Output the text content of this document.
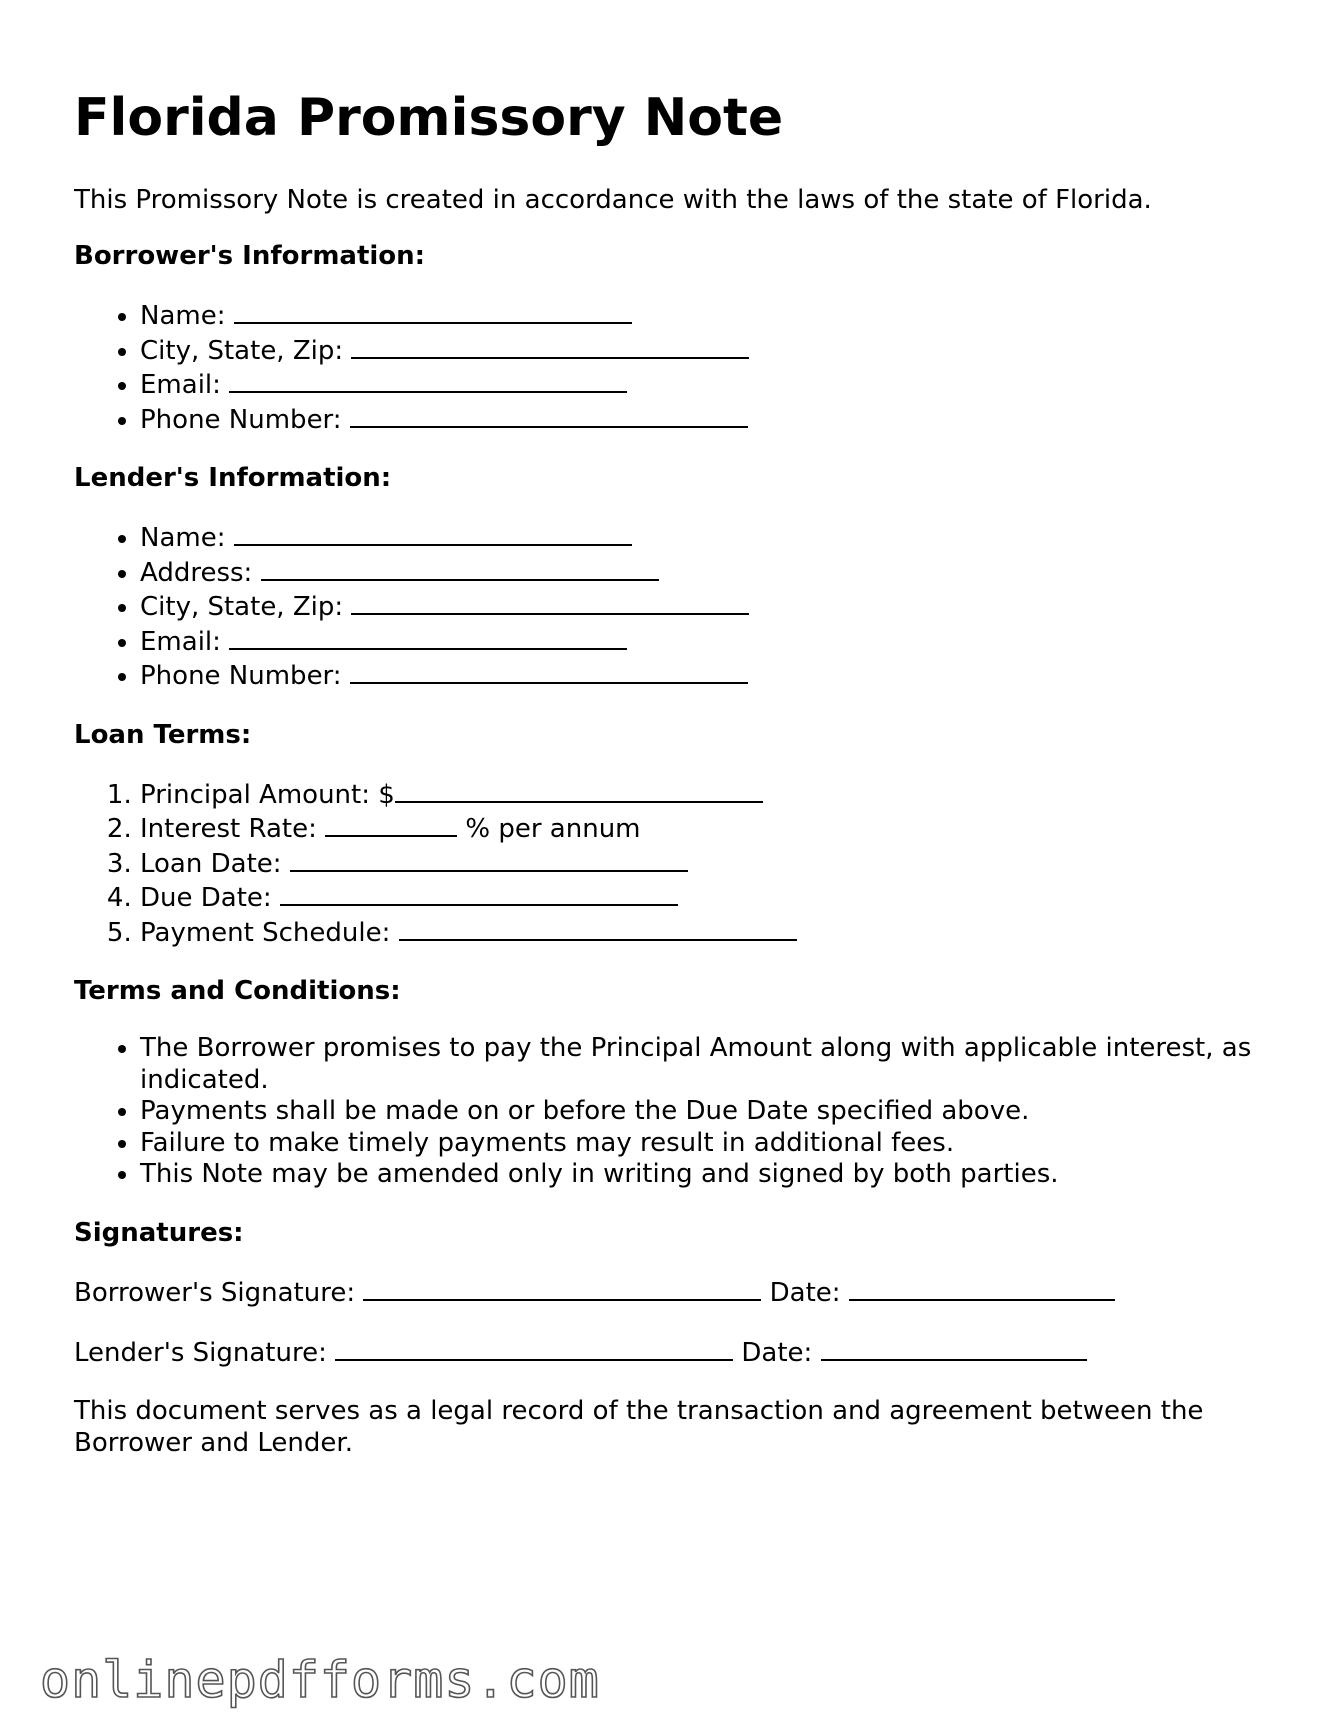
Florida Promissory Note

This Promissory Note is created in accordance with the laws of the state of Florida.

Borrower's Information:
• Name:
• City, State, Zip:
• Email:
• Phone Number:
Lender's Information:
• Name:
• Address:
• City, State, Zip:
• Email:
• Phone Number:
Loan Terms:
1. Principal Amount: $
2. Interest Rate:	% per annum
3. Loan Date:
4. Due Date:
5. Payment Schedule:
Terms and Conditions:
• The Borrower promises to pay the Principal Amount along with applicable interest, as indicated.
• Payments shall be made on or before the Due Date specified above.
• Failure to make timely payments may result in additional fees.
• This Note may be amended only in writing and signed by both parties.
Signatures:

Borrower's Signature:	Date:

Lender's Signature:	Date:

This document serves as a legal record of the transaction and agreement between the Borrower and Lender.

onlinepdfforms.com
